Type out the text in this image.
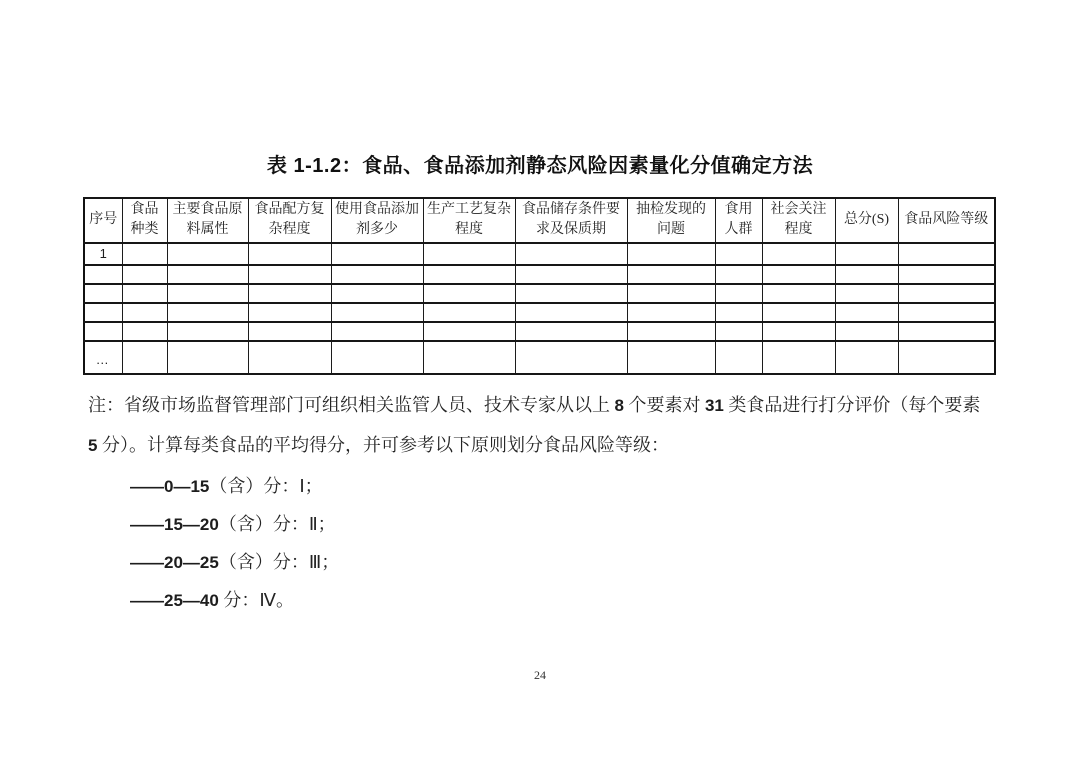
表 1-1.2：食品、食品添加剂静态风险因素量化分值确定方法
序号	食品种类	主要食品原料属性	食品配方复杂程度	使用食品添加剂多少	生产工艺复杂程度	食品储存条件要求及保质期	抽检发现的问题	食用人群	社会关注程度	总分(S)	食品风险等级
1											

…											
注：省级市场监督管理部门可组织相关监管人员、技术专家从以上 8 个要素对 31 类食品进行打分评价（每个要素
5 分）。计算每类食品的平均得分，并可参考以下原则划分食品风险等级：
——0—15（含）分：Ⅰ；
——15—20（含）分：Ⅱ；
——20—25（含）分：Ⅲ；
——25—40 分：Ⅳ。
24
